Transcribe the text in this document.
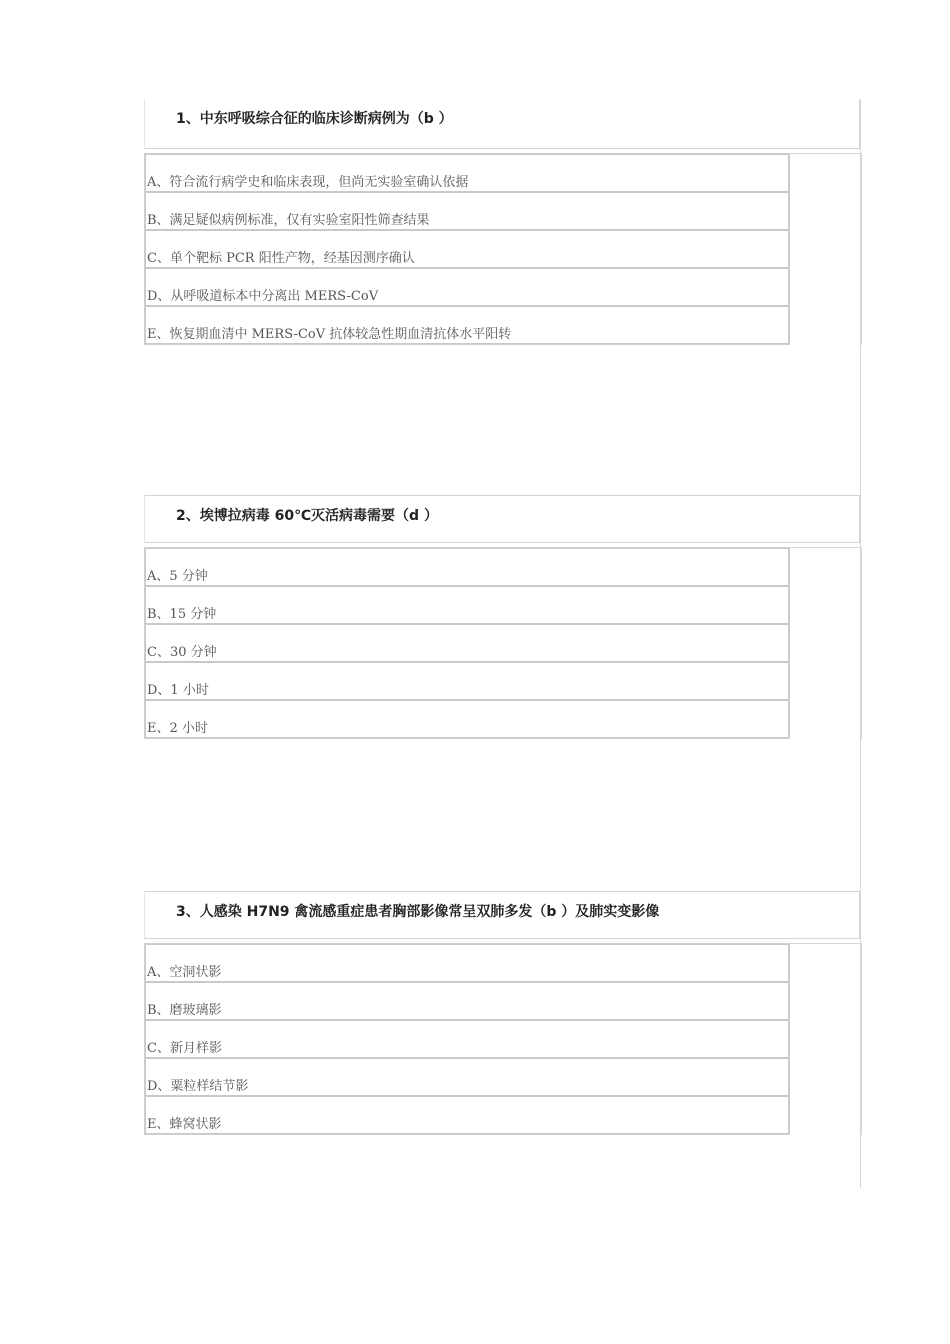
1、中东呼吸综合征的临床诊断病例为（b ）
A、符合流行病学史和临床表现，但尚无实验室确认依据
B、满足疑似病例标准，仅有实验室阳性筛查结果
C、单个靶标 PCR 阳性产物，经基因测序确认
D、从呼吸道标本中分离出 MERS-CoV
E、恢复期血清中 MERS-CoV 抗体较急性期血清抗体水平阳转
2、埃博拉病毒 60℃灭活病毒需要（d ）
A、5 分钟
B、15 分钟
C、30 分钟
D、1 小时
E、2 小时
3、人感染 H7N9 禽流感重症患者胸部影像常呈双肺多发（b ）及肺实变影像
A、空洞状影
B、磨玻璃影
C、新月样影
D、粟粒样结节影
E、蜂窝状影
